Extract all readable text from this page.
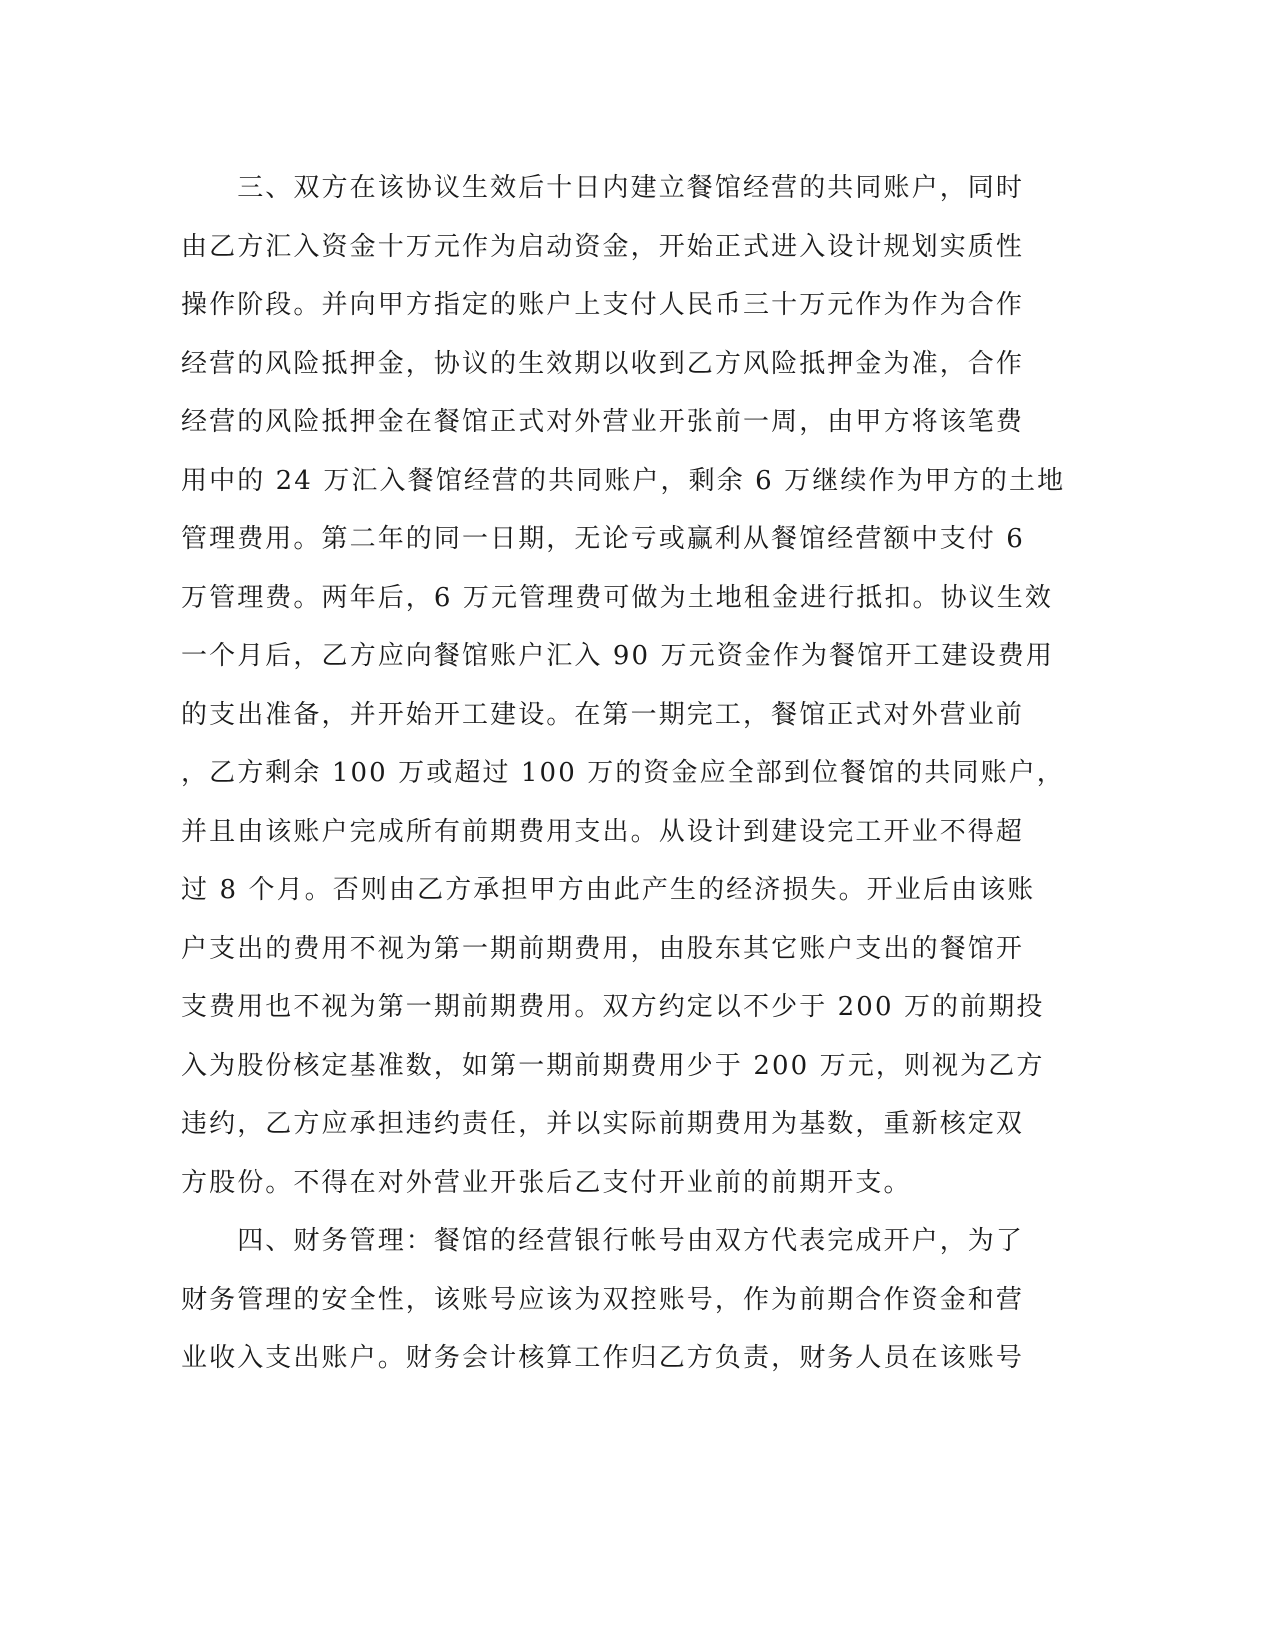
　　三、双方在该协议生效后十日内建立餐馆经营的共同账户，同时
由乙方汇入资金十万元作为启动资金，开始正式进入设计规划实质性
操作阶段。并向甲方指定的账户上支付人民币三十万元作为作为合作
经营的风险抵押金，协议的生效期以收到乙方风险抵押金为准，合作
经营的风险抵押金在餐馆正式对外营业开张前一周，由甲方将该笔费
用中的 24 万汇入餐馆经营的共同账户，剩余 6 万继续作为甲方的土地
管理费用。第二年的同一日期，无论亏或赢利从餐馆经营额中支付 6
万管理费。两年后，6 万元管理费可做为土地租金进行抵扣。协议生效
一个月后，乙方应向餐馆账户汇入 90 万元资金作为餐馆开工建设费用
的支出准备，并开始开工建设。在第一期完工，餐馆正式对外营业前
，乙方剩余 100 万或超过 100 万的资金应全部到位餐馆的共同账户，
并且由该账户完成所有前期费用支出。从设计到建设完工开业不得超
过 8 个月。否则由乙方承担甲方由此产生的经济损失。开业后由该账
户支出的费用不视为第一期前期费用，由股东其它账户支出的餐馆开
支费用也不视为第一期前期费用。双方约定以不少于 200 万的前期投
入为股份核定基准数，如第一期前期费用少于 200 万元，则视为乙方
违约，乙方应承担违约责任，并以实际前期费用为基数，重新核定双
方股份。不得在对外营业开张后乙支付开业前的前期开支。
　　四、财务管理：餐馆的经营银行帐号由双方代表完成开户，为了
财务管理的安全性，该账号应该为双控账号，作为前期合作资金和营
业收入支出账户。财务会计核算工作归乙方负责，财务人员在该账号
